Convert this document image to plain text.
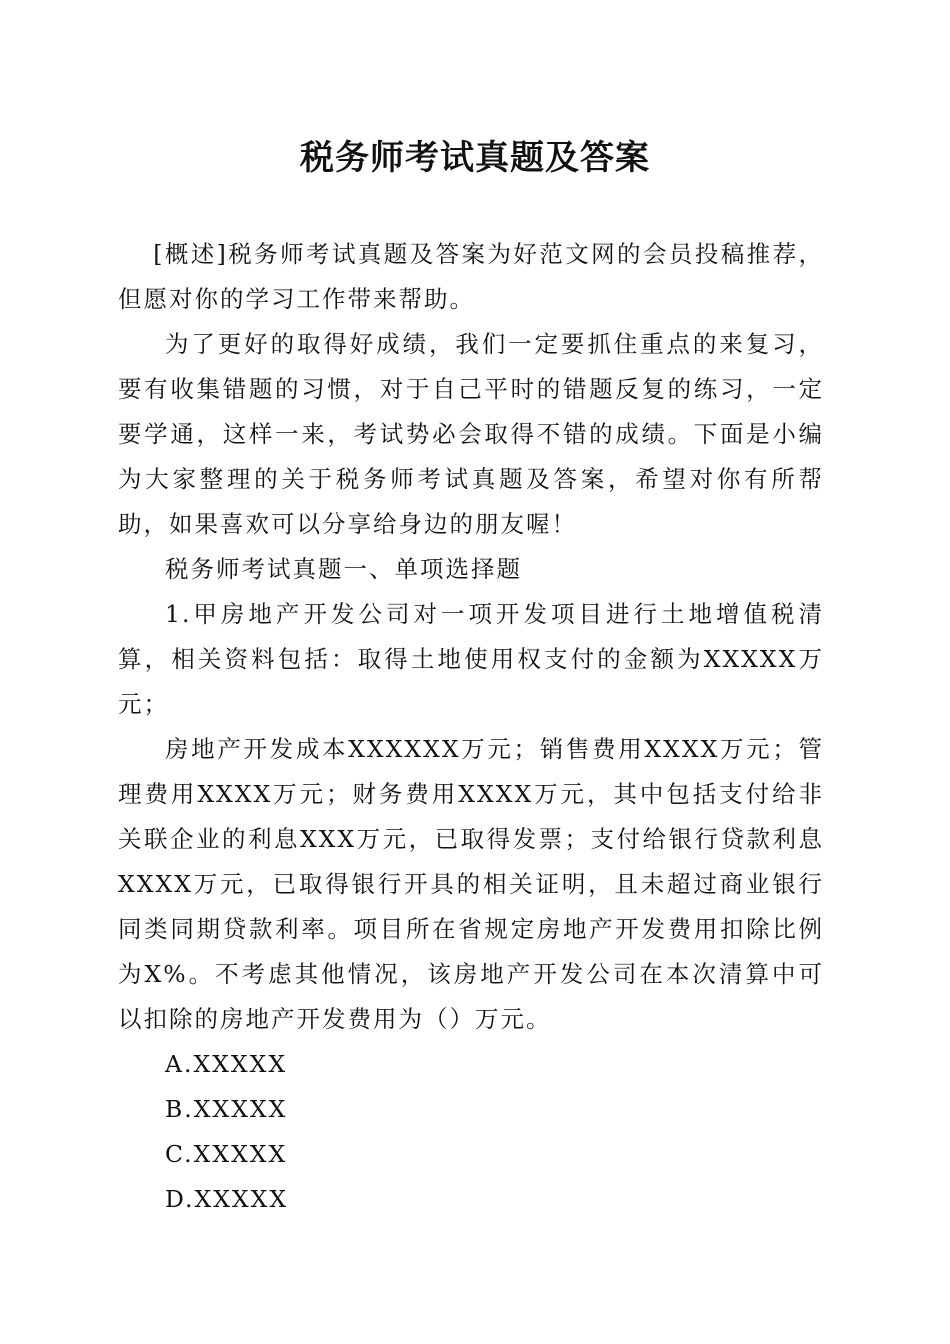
税务师考试真题及答案

[概述]税务师考试真题及答案为好范文网的会员投稿推荐，但愿对你的学习工作带来帮助。

为了更好的取得好成绩，我们一定要抓住重点的来复习，要有收集错题的习惯，对于自己平时的错题反复的练习，一定要学通，这样一来，考试势必会取得不错的成绩。下面是小编为大家整理的关于税务师考试真题及答案，希望对你有所帮助，如果喜欢可以分享给身边的朋友喔！

税务师考试真题一、单项选择题

1.甲房地产开发公司对一项开发项目进行土地增值税清算，相关资料包括：取得土地使用权支付的金额为XXXXX万元；

房地产开发成本XXXXXX万元；销售费用XXXX万元；管理费用XXXX万元；财务费用XXXX万元，其中包括支付给非关联企业的利息XXX万元，已取得发票；支付给银行贷款利息XXXX万元，已取得银行开具的相关证明，且未超过商业银行同类同期贷款利率。项目所在省规定房地产开发费用扣除比例为X%。不考虑其他情况，该房地产开发公司在本次清算中可以扣除的房地产开发费用为（）万元。

A.XXXXX

B.XXXXX

C.XXXXX

D.XXXXX
